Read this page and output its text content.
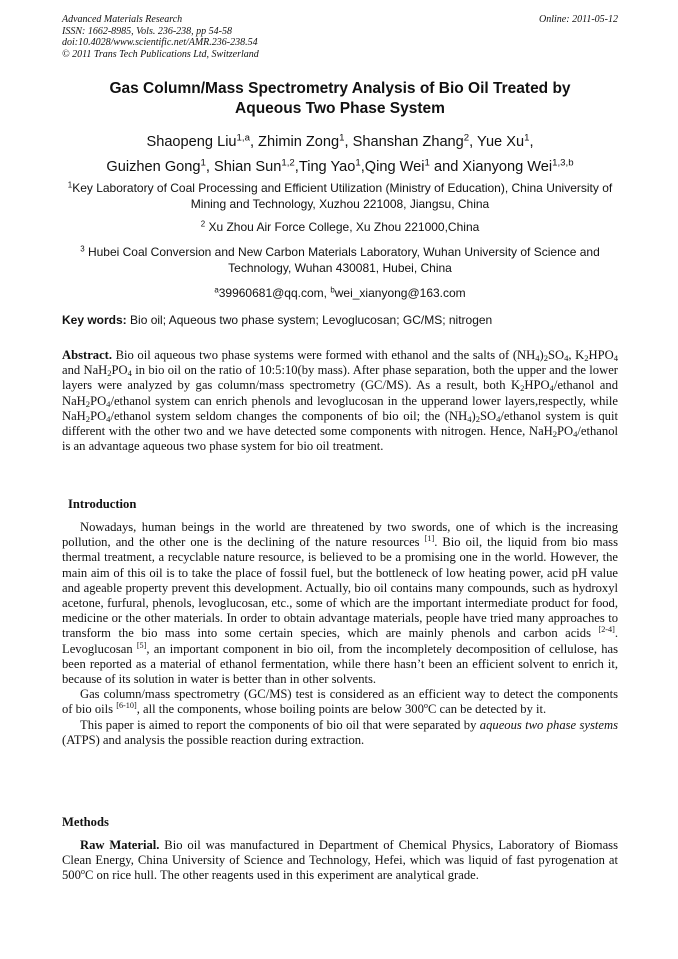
Advanced Materials Research
ISSN: 1662-8985, Vols. 236-238, pp 54-58
doi:10.4028/www.scientific.net/AMR.236-238.54
© 2011 Trans Tech Publications Ltd, Switzerland
Online: 2011-05-12
Gas Column/Mass Spectrometry Analysis of Bio Oil Treated by
Aqueous Two Phase System
Shaopeng Liu$^{1,a}$, Zhimin Zong$^1$, Shanshan Zhang$^2$, Yue Xu$^1$,
Guizhen Gong$^1$, Shian Sun$^{1,2}$,Ting Yao$^1$,Qing Wei$^1$ and Xianyong Wei$^{1,3,b}$
$^1$Key Laboratory of Coal Processing and Efficient Utilization (Ministry of Education), China University of Mining and Technology, Xuzhou 221008, Jiangsu, China
$^2$ Xu Zhou Air Force College, Xu Zhou 221000,China
$^3$ Hubei Coal Conversion and New Carbon Materials Laboratory, Wuhan University of Science and Technology, Wuhan 430081, Hubei, China
$^a$39960681@qq.com, $^b$wei_xianyong@163.com
Key words: Bio oil; Aqueous two phase system; Levoglucosan; GC/MS; nitrogen
Abstract. Bio oil aqueous two phase systems were formed with ethanol and the salts of $(NH_4)_2SO_4$, $K_2HPO_4$ and $NaH_2PO_4$ in bio oil on the ratio of 10:5:10(by mass). After phase separation, both the upper and the lower layers were analyzed by gas column/mass spectrometry (GC/MS). As a result, both $K_2HPO_4$/ethanol and $NaH_2PO_4$/ethanol system can enrich phenols and levoglucosan in the upperand lower layers,respectly, while $NaH_2PO_4$/ethanol system seldom changes the components of bio oil; the $(NH_4)_2SO_4$/ethanol system is quit different with the other two and we have detected some components with nitrogen. Hence, $NaH_2PO_4$/ethanol is an advantage aqueous two phase system for bio oil treatment.
Introduction

Nowadays, human beings in the world are threatened by two swords, one of which is the increasing pollution, and the other one is the declining of the nature resources [1]. Bio oil, the liquid from bio mass thermal treatment, a recyclable nature resource, is believed to be a promising one in the world. However, the main aim of this oil is to take the place of fossil fuel, but the bottleneck of low heating power, acid pH value and ageable property prevent this development. Actually, bio oil contains many compounds, such as hydroxyl acetone, furfural, phenols, levoglucosan, etc., some of which are the important intermediate product for food, medicine or the other materials. In order to obtain advantage materials, people have tried many approaches to transform the bio mass into some certain species, which are mainly phenols and carbon acids [2-4]. Levoglucosan [5], an important component in bio oil, from the incompletely decomposition of cellulose, has been reported as a material of ethanol fermentation, while there hasn’t been an efficient solvent to enrich it, because of its solution in water is better than in other solvents.

Gas column/mass spectrometry (GC/MS) test is considered as an efficient way to detect the components of bio oils [6-10], all the components, whose boiling points are below 300$^o$C can be detected by it.

This paper is aimed to report the components of bio oil that were separated by aqueous two phase systems (ATPS) and analysis the possible reaction during extraction.

Methods

Raw Material. Bio oil was manufactured in Department of Chemical Physics, Laboratory of Biomass Clean Energy, China University of Science and Technology, Hefei, which was liquid of fast pyrogenation at 500$^o$C on rice hull. The other reagents used in this experiment are analytical grade.
